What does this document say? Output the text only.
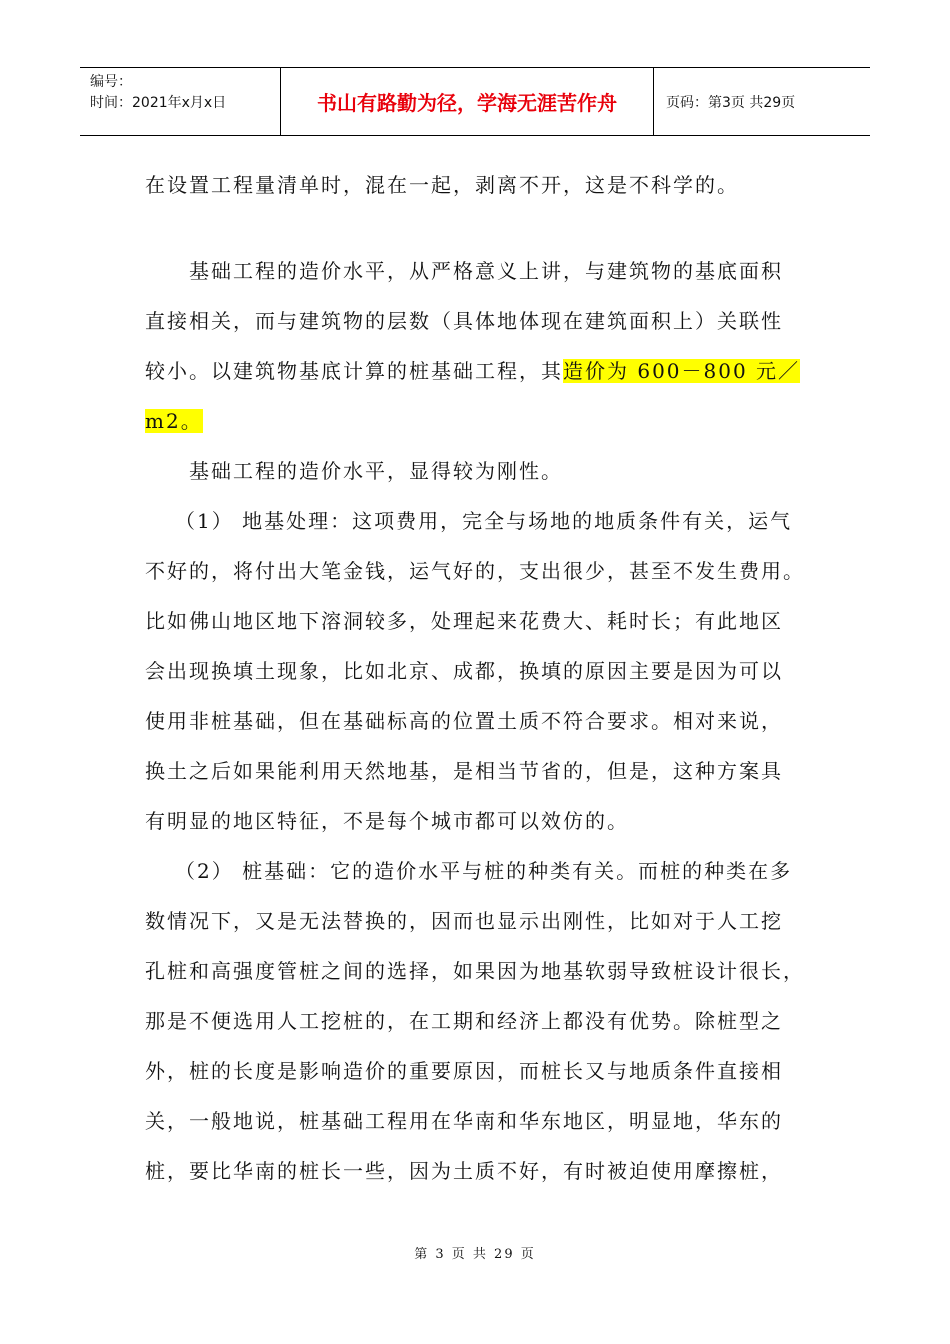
编号：
时间：2021年x月x日	书山有路勤为径，学海无涯苦作舟	页码：第3页 共29页
在设置工程量清单时，混在一起，剥离不开，这是不科学的。
基础工程的造价水平，从严格意义上讲，与建筑物的基底面积
直接相关，而与建筑物的层数（具体地体现在建筑面积上）关联性
较小。以建筑物基底计算的桩基础工程，其造价为 600－800 元／
m2。
基础工程的造价水平，显得较为刚性。
（1） 地基处理：这项费用，完全与场地的地质条件有关，运气
不好的，将付出大笔金钱，运气好的，支出很少，甚至不发生费用。
比如佛山地区地下溶洞较多，处理起来花费大、耗时长；有此地区
会出现换填土现象，比如北京、成都，换填的原因主要是因为可以
使用非桩基础，但在基础标高的位置土质不符合要求。相对来说，
换土之后如果能利用天然地基，是相当节省的，但是，这种方案具
有明显的地区特征，不是每个城市都可以效仿的。
（2） 桩基础：它的造价水平与桩的种类有关。而桩的种类在多
数情况下，又是无法替换的，因而也显示出刚性，比如对于人工挖
孔桩和高强度管桩之间的选择，如果因为地基软弱导致桩设计很长，
那是不便选用人工挖桩的，在工期和经济上都没有优势。除桩型之
外，桩的长度是影响造价的重要原因，而桩长又与地质条件直接相
关，一般地说，桩基础工程用在华南和华东地区，明显地，华东的
桩，要比华南的桩长一些，因为土质不好，有时被迫使用摩擦桩，
第 3 页 共 29 页
